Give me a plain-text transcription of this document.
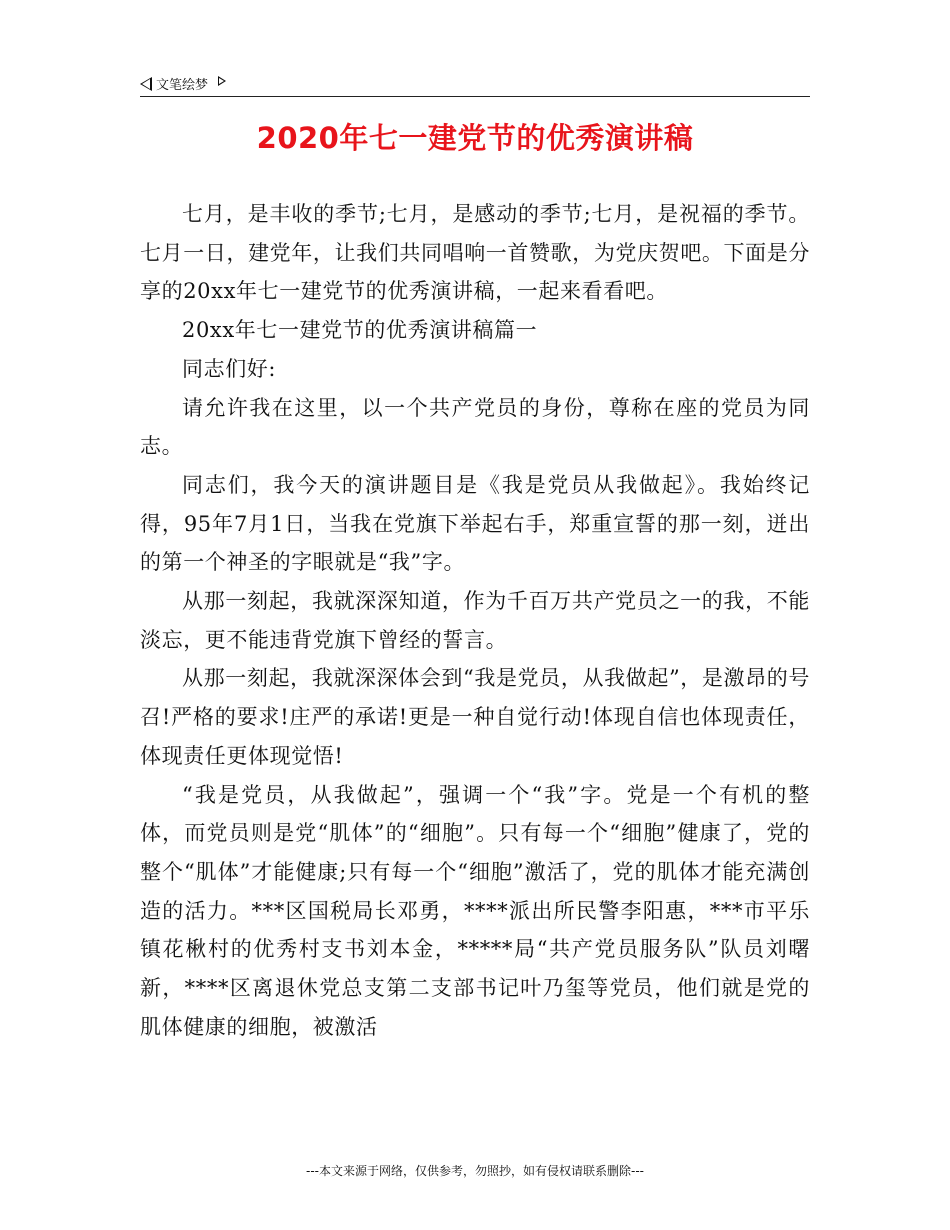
文笔绘梦
2020年七一建党节的优秀演讲稿

七月，是丰收的季节;七月，是感动的季节;七月，是祝福的季节。七月一日，建党年，让我们共同唱响一首赞歌，为党庆贺吧。下面是分享的20xx年七一建党节的优秀演讲稿，一起来看看吧。

20xx年七一建党节的优秀演讲稿篇一

同志们好:

请允许我在这里，以一个共产党员的身份，尊称在座的党员为同志。

同志们，我今天的演讲题目是《我是党员从我做起》。我始终记得，95年7月1日，当我在党旗下举起右手，郑重宣誓的那一刻，迸出的第一个神圣的字眼就是“我”字。

从那一刻起，我就深深知道，作为千百万共产党员之一的我，不能淡忘，更不能违背党旗下曾经的誓言。

从那一刻起，我就深深体会到“我是党员，从我做起”，是激昂的号召!严格的要求!庄严的承诺!更是一种自觉行动!体现自信也体现责任，体现责任更体现觉悟!

“我是党员，从我做起”，强调一个“我”字。党是一个有机的整体，而党员则是党“肌体”的“细胞”。只有每一个“细胞”健康了，党的整个“肌体”才能健康;只有每一个“细胞”激活了，党的肌体才能充满创造的活力。***区国税局长邓勇，****派出所民警李阳惠，***市平乐镇花楸村的优秀村支书刘本金，*****局“共产党员服务队”队员刘曙新，****区离退休党总支第二支部书记叶乃玺等党员，他们就是党的肌体健康的细胞，被激活

---本文来源于网络，仅供参考，勿照抄，如有侵权请联系删除---
